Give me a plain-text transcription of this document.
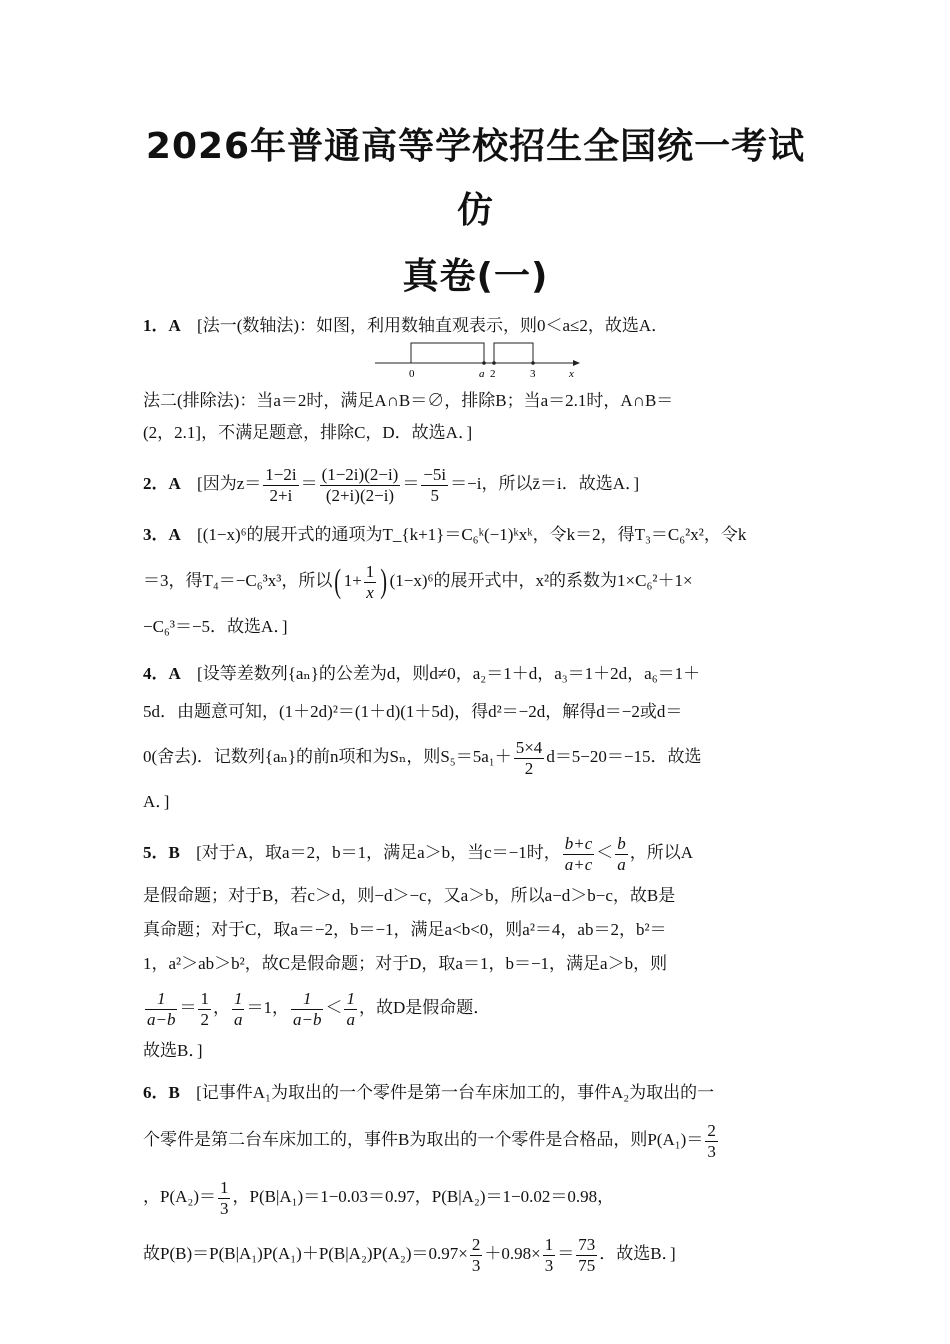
2026年普通高等学校招生全国统一考试仿
真卷(一)
1．A [法一(数轴法)：如图，利用数轴直观表示，则0＜a≤2，故选A．
0	a 2	3	x
法二(排除法)：当a＝2时，满足A∩B＝∅，排除B；当a＝2.1时，A∩B＝
(2，2.1]，不满足题意，排除C，D．故选A．]
2．A [因为$z= \frac{1-2i}{2+i} = \frac{(1-2i)(2-i)}{(2+i)(2-i)} = \frac{-5i}{5} =-i$，所以z̄＝i．故选A．]
3．A [(1−x)⁶的展开式的通项为T_{k+1}＝C₆ᵏ(−1)ᵏxᵏ，令k＝2，得T₃＝C₆²x²，令k
＝3，得T₄＝−C₆³x³，所以( $1+ \frac{1}{x}$ ) (1−x)⁶的展开式中，x²的系数为1×C₆²＋1×
−C₆³＝−5．故选A．]
4．A [设等差数列{aₙ}的公差为d，则d≠0，a₂＝1＋d，a₃＝1＋2d，a₆＝1＋
5d．由题意可知，(1＋2d)²＝(1＋d)(1＋5d)，得d²＝−2d，解得d＝−2或d＝
0(舍去)．记数列{aₙ}的前n项和为Sₙ，则$S_5=5a_1+ \frac{5\times 4}{2} d=5-20=-15$．故选
A．]
5．B [对于A，取a＝2，b＝1，满足a＞b，当c＝−1时， $\frac{b+c}{a+c} < \frac{b}{a}$ ，所以A
是假命题；对于B，若c＞d，则−d＞−c，又a＞b，所以a−d＞b−c，故B是
真命题；对于C，取a＝−2，b＝−1，满足a<b<0，则a²＝4，ab＝2，b²＝
1，a²＞ab＞b²，故C是假命题；对于D，取a＝1，b＝−1，满足a＞b，则
$\frac{1}{a-b} = \frac{1}{2}$ ， $\frac{1}{a} =1$， $\frac{1}{a-b} < \frac{1}{a}$ ，故D是假命题．
故选B．]
6．B [记事件A₁为取出的一个零件是第一台车床加工的，事件A₂为取出的一
个零件是第二台车床加工的，事件B为取出的一个零件是合格品，则$P(A_1)= \frac{2}{3}$
，$P(A_2)= \frac{1}{3}$ ，P(B|A₁)＝1−0.03＝0.97，P(B|A₂)＝1−0.02＝0.98，
故$P(B)=P(B|A_1)P(A_1)+P(B|A_2)P(A_2)=0.97\times \frac{2}{3} +0.98\times \frac{1}{3} = \frac{73}{75}$ ．故选B．]
